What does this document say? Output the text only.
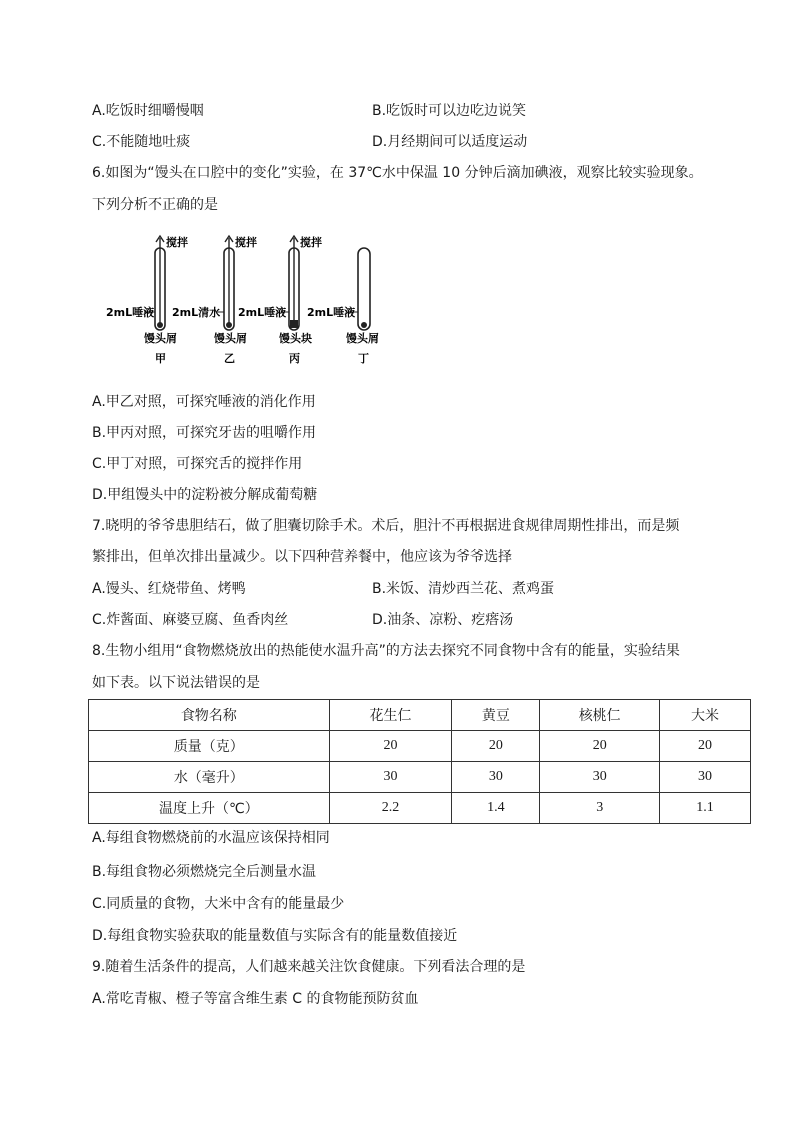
A.吃饭时细嚼慢咽	B.吃饭时可以边吃边说笑
C.不能随地吐痰	D.月经期间可以适度运动
6.如图为“馒头在口腔中的变化”实验，在 37℃水中保温 10 分钟后滴加碘液，观察比较实验现象。
下列分析不正确的是
搅拌
2mL唾液
馒头屑
甲
搅拌
2mL清水
馒头屑
乙
搅拌
2mL唾液
馒头块
丙
2mL唾液
馒头屑
丁
A.甲乙对照，可探究唾液的消化作用
B.甲丙对照，可探究牙齿的咀嚼作用
C.甲丁对照，可探究舌的搅拌作用
D.甲组馒头中的淀粉被分解成葡萄糖
7.晓明的爷爷患胆结石，做了胆囊切除手术。术后，胆汁不再根据进食规律周期性排出，而是频
繁排出，但单次排出量减少。以下四种营养餐中，他应该为爷爷选择
A.馒头、红烧带鱼、烤鸭	B.米饭、清炒西兰花、煮鸡蛋
C.炸酱面、麻婆豆腐、鱼香肉丝	D.油条、凉粉、疙瘩汤
8.生物小组用“食物燃烧放出的热能使水温升高”的方法去探究不同食物中含有的能量，实验结果
如下表。以下说法错误的是
食物名称	花生仁	黄豆	核桃仁	大米
质量（克）	20	20	20	20
水（毫升）	30	30	30	30
温度上升（℃）	2.2	1.4	3	1.1
A.每组食物燃烧前的水温应该保持相同
B.每组食物必须燃烧完全后测量水温
C.同质量的食物，大米中含有的能量最少
D.每组食物实验获取的能量数值与实际含有的能量数值接近
9.随着生活条件的提高，人们越来越关注饮食健康。下列看法合理的是
A.常吃青椒、橙子等富含维生素 C 的食物能预防贫血
